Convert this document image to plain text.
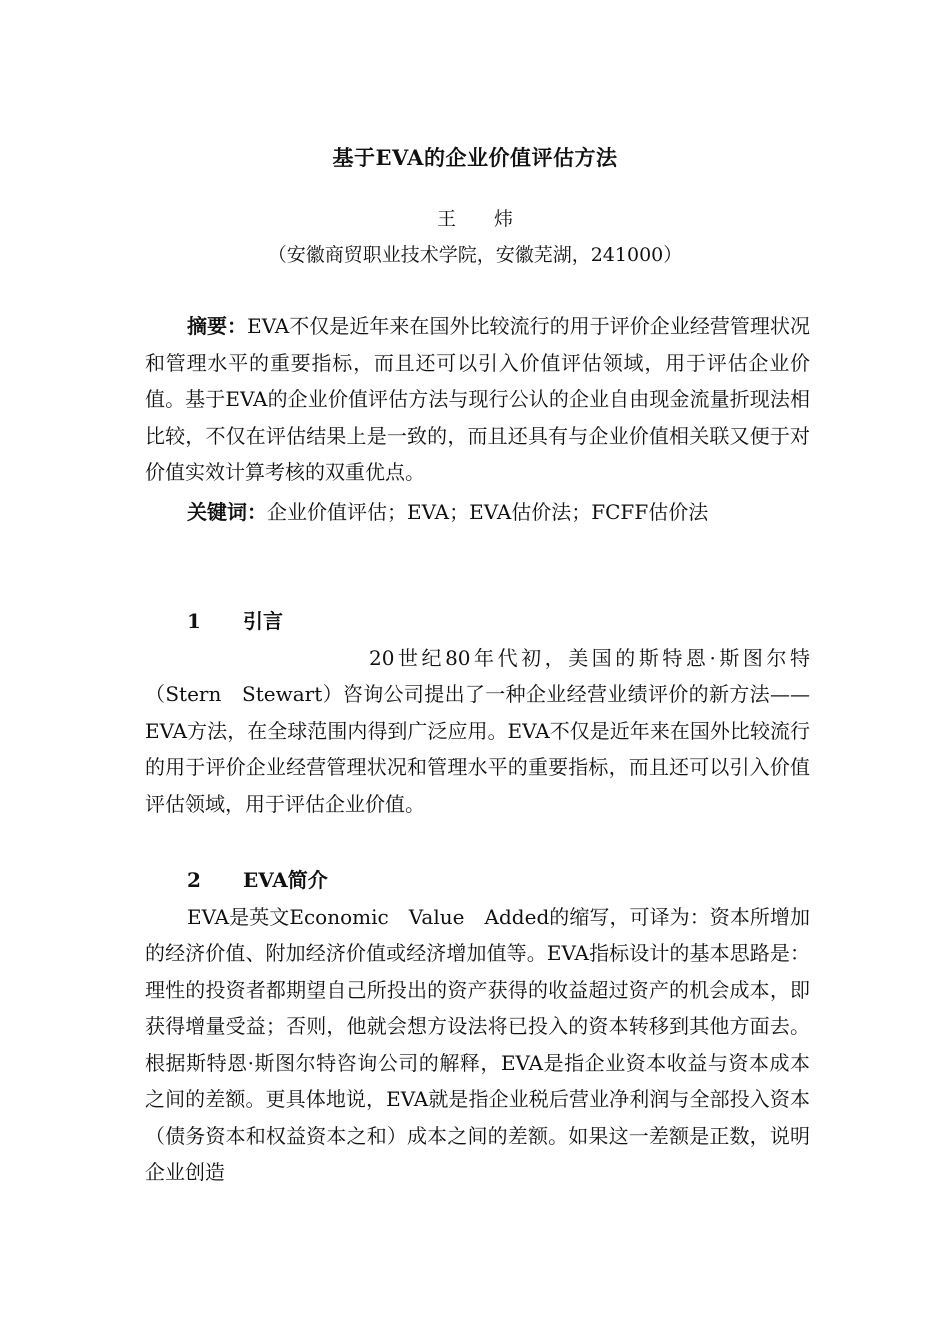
基于EVA的企业价值评估方法
王　　炜
（安徽商贸职业技术学院，安徽芜湖，241000）

摘要：EVA不仅是近年来在国外比较流行的用于评价企业经营管理状况和管理水平的重要指标，而且还可以引入价值评估领域，用于评估企业价值。基于EVA的企业价值评估方法与现行公认的企业自由现金流量折现法相比较，不仅在评估结果上是一致的，而且还具有与企业价值相关联又便于对价值实效计算考核的双重优点。

关键词：企业价值评估；EVA；EVA估价法；FCFF估价法

1 引言

20世纪80年代初，美国的斯特恩·斯图尔特（Stern　Stewart）咨询公司提出了一种企业经营业绩评价的新方法——EVA方法，在全球范围内得到广泛应用。EVA不仅是近年来在国外比较流行的用于评价企业经营管理状况和管理水平的重要指标，而且还可以引入价值评估领域，用于评估企业价值。

2 EVA简介

EVA是英文Economic　Value　Added的缩写，可译为：资本所增加的经济价值、附加经济价值或经济增加值等。EVA指标设计的基本思路是：理性的投资者都期望自己所投出的资产获得的收益超过资产的机会成本，即获得增量受益；否则，他就会想方设法将已投入的资本转移到其他方面去。根据斯特恩·斯图尔特咨询公司的解释，EVA是指企业资本收益与资本成本之间的差额。更具体地说，EVA就是指企业税后营业净利润与全部投入资本（债务资本和权益资本之和）成本之间的差额。如果这一差额是正数，说明企业创造
